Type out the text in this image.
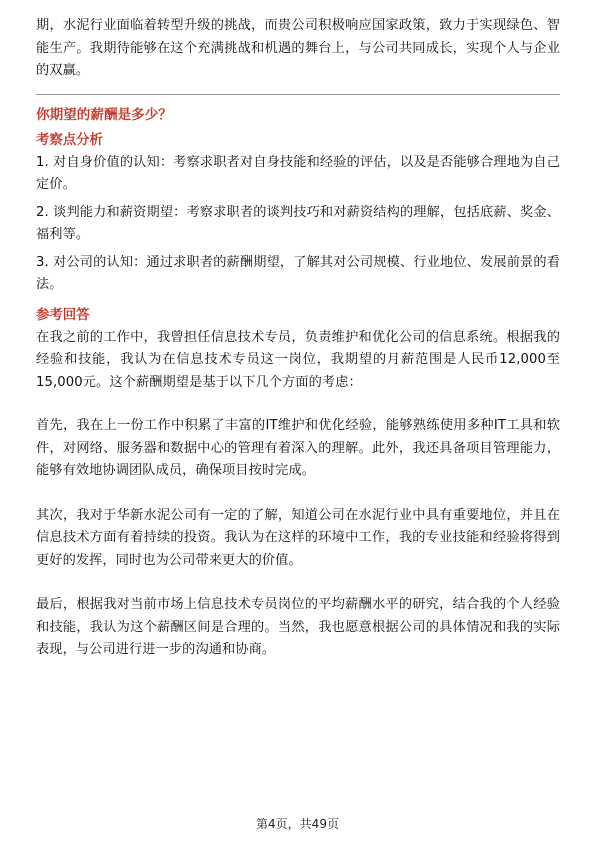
期，水泥行业面临着转型升级的挑战，而贵公司积极响应国家政策，致力于实现绿色、智能生产。我期待能够在这个充满挑战和机遇的舞台上，与公司共同成长，实现个人与企业的双赢。

你期望的薪酬是多少？
考察点分析

1. 对自身价值的认知：考察求职者对自身技能和经验的评估，以及是否能够合理地为自己定价。

2. 谈判能力和薪资期望：考察求职者的谈判技巧和对薪资结构的理解，包括底薪、奖金、福利等。

3. 对公司的认知：通过求职者的薪酬期望，了解其对公司规模、行业地位、发展前景的看法。

参考回答

在我之前的工作中，我曾担任信息技术专员，负责维护和优化公司的信息系统。根据我的经验和技能，我认为在信息技术专员这一岗位，我期望的月薪范围是人民币12,000至15,000元。这个薪酬期望是基于以下几个方面的考虑：

首先，我在上一份工作中积累了丰富的IT维护和优化经验，能够熟练使用多种IT工具和软件，对网络、服务器和数据中心的管理有着深入的理解。此外，我还具备项目管理能力，能够有效地协调团队成员，确保项目按时完成。

其次，我对于华新水泥公司有一定的了解，知道公司在水泥行业中具有重要地位，并且在信息技术方面有着持续的投资。我认为在这样的环境中工作，我的专业技能和经验将得到更好的发挥，同时也为公司带来更大的价值。

最后，根据我对当前市场上信息技术专员岗位的平均薪酬水平的研究，结合我的个人经验和技能，我认为这个薪酬区间是合理的。当然，我也愿意根据公司的具体情况和我的实际表现，与公司进行进一步的沟通和协商。

第4页，共49页
